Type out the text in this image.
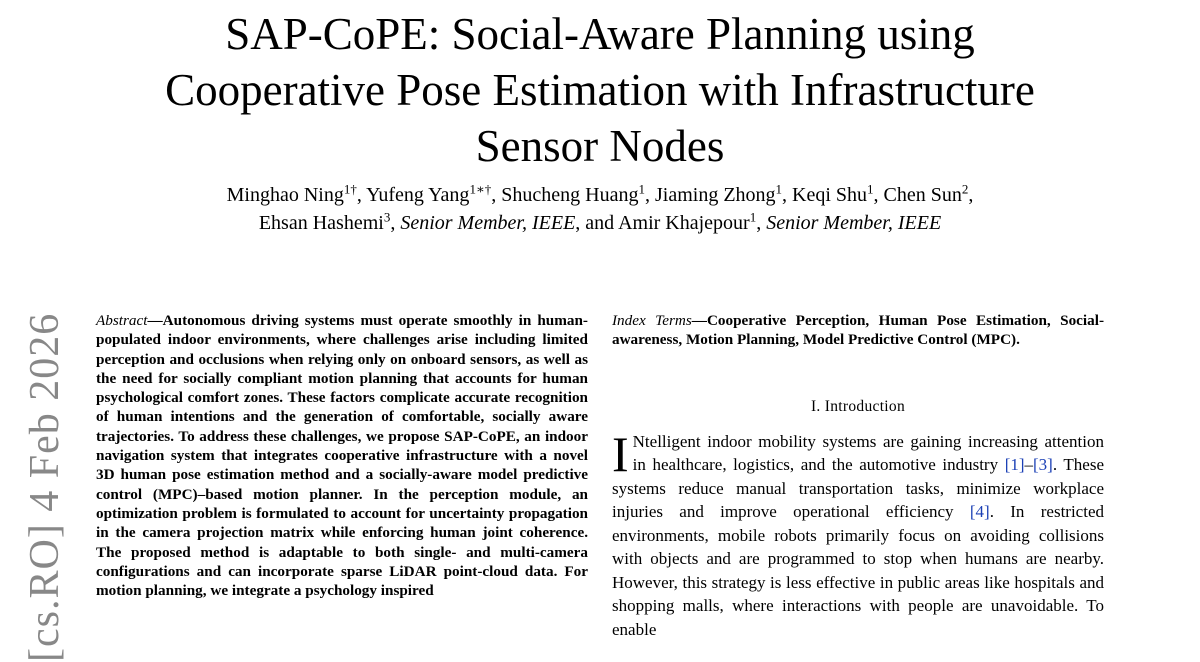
SAP-CoPE: Social-Aware Planning using
Cooperative Pose Estimation with Infrastructure
Sensor Nodes
Minghao Ning$^{1\dagger}$, Yufeng Yang$^{1∗\dagger}$, Shucheng Huang$^1$, Jiaming Zhong$^1$, Keqi Shu$^1$, Chen Sun$^2$,
Ehsan Hashemi$^3$, Senior Member, IEEE, and Amir Khajepour$^1$, Senior Member, IEEE
[cs.RO] 4 Feb 2026 Abstract—Autonomous driving systems must operate smoothly in human-populated indoor environments, where challenges arise including limited perception and occlusions when relying only on onboard sensors, as well as the need for socially compliant motion planning that accounts for human psychological comfort zones. These factors complicate accurate recognition of human intentions and the generation of comfortable, socially aware trajectories. To address these challenges, we propose SAP-CoPE, an indoor navigation system that integrates cooperative infrastructure with a novel 3D human pose estimation method and a socially-aware model predictive control (MPC)–based motion planner. In the perception module, an optimization problem is formulated to account for uncertainty propagation in the camera projection matrix while enforcing human joint coherence. The proposed method is adaptable to both single- and multi-camera configurations and can incorporate sparse LiDAR point-cloud data. For motion planning, we integrate a psychology inspired
Index Terms—Cooperative Perception, Human Pose Estimation, Social-awareness, Motion Planning, Model Predictive Control (MPC).
I. Introduction
I Ntelligent indoor mobility systems are gaining increasing attention in healthcare, logistics, and the automotive industry [1]–[3]. These systems reduce manual transportation tasks, minimize workplace injuries and improve operational efficiency [4]. In restricted environments, mobile robots primarily focus on avoiding collisions with objects and are programmed to stop when humans are nearby. However, this strategy is less effective in public areas like hospitals and shopping malls, where interactions with people are unavoidable. To enable
